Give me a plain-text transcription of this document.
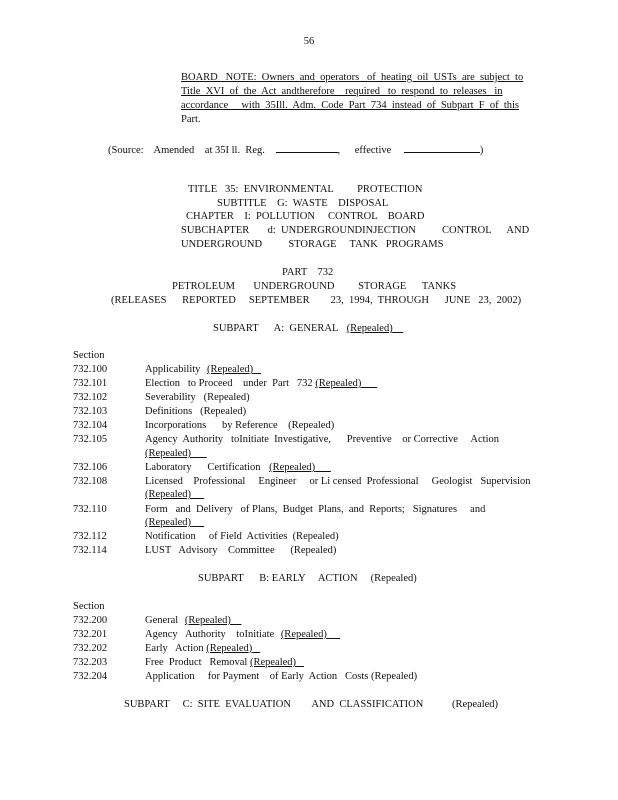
56
BOARD   NOTE:  Owners  and  operators   of  heating  oil  USTs  are  subject  to
Title  XVI  of  the  Act  andtherefore    required   to  respond  to  releases   in
accordance     with  35Ill.  Adm.  Code  Part  734  instead  of  Subpart  F  of  this
Part.
(Source:    Amended    at 35I ll.  Reg.	, effective	)
TITLE   35:  ENVIRONMENTAL         PROTECTION
SUBTITLE    G:  WASTE    DISPOSAL
CHAPTER    I:  POLLUTION     CONTROL    BOARD
SUBCHAPTER       d:  UNDERGROUNDINJECTION          CONTROL      AND
UNDERGROUND          STORAGE     TANK   PROGRAMS
PART    732
PETROLEUM       UNDERGROUND         STORAGE      TANKS
(RELEASES      REPORTED     SEPTEMBER        23,  1994,  THROUGH      JUNE   23,  2002)
SUBPART      A:  GENERAL (Repealed)
Section
732.100	Applicability (Repealed)
732.101	Election   to Proceed    under  Part   732 (Repealed)
732.102	Severability   (Repealed)
732.103	Definitions   (Repealed)
732.104	Incorporations      by Reference    (Repealed)
732.105	Agency  Authority   toInitiate  Investigative,      Preventive    or Corrective     Action
(Repealed)
732.106	Laboratory      Certification (Repealed)
732.108	Licensed    Professional     Engineer     or Li censed  Professional     Geologist   Supervision
(Repealed)
732.110	Form   and  Delivery   of Plans,  Budget  Plans,  and  Reports;   Signatures     and
(Repealed)
732.112	Notification     of Field  Activities  (Repealed)
732.114	LUST   Advisory    Committee      (Repealed)
SUBPART      B: EARLY     ACTION     (Repealed)
Section
732.200	General (Repealed)
732.201	Agency   Authority    toInitiate (Repealed)
732.202	Early   Action (Repealed)
732.203	Free  Product   Removal (Repealed)
732.204	Application     for Payment    of Early  Action   Costs (Repealed)
SUBPART     C:  SITE  EVALUATION        AND  CLASSIFICATION	(Repealed)
